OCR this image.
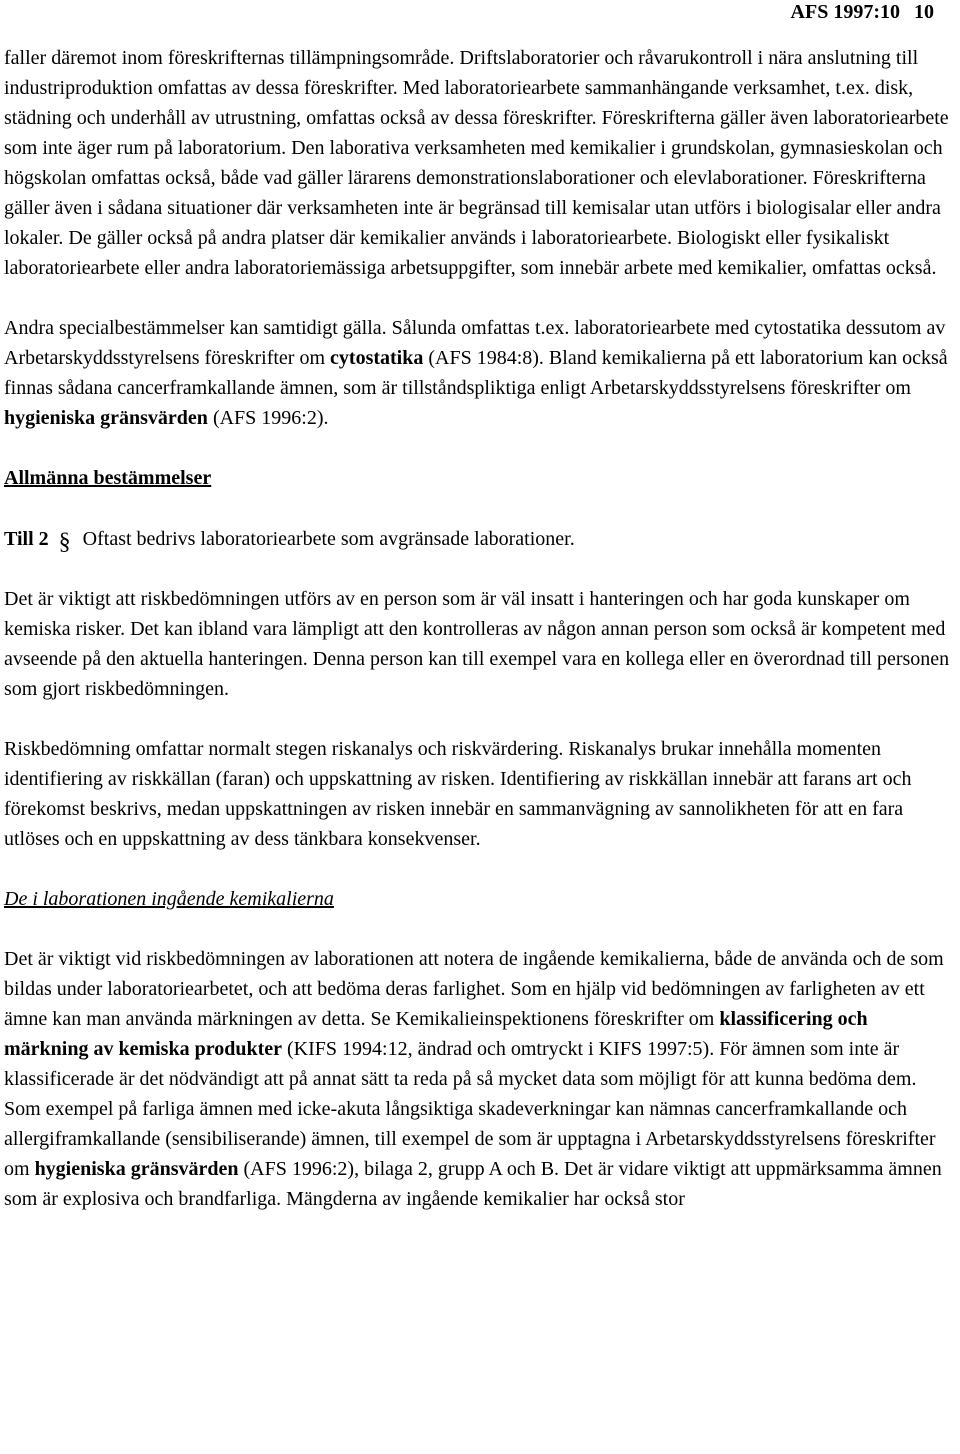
AFS 1997:10 10

faller däremot inom föreskrifternas tillämpningsområde. Driftslaboratorier och råvarukontroll i nära anslutning till industriproduktion omfattas av dessa föreskrifter. Med laboratoriearbete sammanhängande verksamhet, t.ex. disk, städning och underhåll av utrustning, omfattas också av dessa föreskrifter. Föreskrifterna gäller även laboratoriearbete som inte äger rum på laboratorium. Den laborativa verksamheten med kemikalier i grundskolan, gymnasieskolan och högskolan omfattas också, både vad gäller lärarens demonstrationslaborationer och elevlaborationer. Föreskrifterna gäller även i sådana situationer där verksamheten inte är begränsad till kemisalar utan utförs i biologisalar eller andra lokaler. De gäller också på andra platser där kemikalier används i laboratoriearbete. Biologiskt eller fysikaliskt laboratoriearbete eller andra laboratoriemässiga arbetsuppgifter, som innebär arbete med kemikalier, omfattas också.

Andra specialbestämmelser kan samtidigt gälla. Sålunda omfattas t.ex. laboratoriearbete med cytostatika dessutom av Arbetarskyddsstyrelsens föreskrifter om cytostatika (AFS 1984:8). Bland kemikalierna på ett laboratorium kan också finnas sådana cancerframkallande ämnen, som är tillståndspliktiga enligt Arbetarskyddsstyrelsens föreskrifter om hygieniska gränsvärden (AFS 1996:2).

Allmänna bestämmelser

Till 2 § Oftast bedrivs laboratoriearbete som avgränsade laborationer.

Det är viktigt att riskbedömningen utförs av en person som är väl insatt i hanteringen och har goda kunskaper om kemiska risker. Det kan ibland vara lämpligt att den kontrolleras av någon annan person som också är kompetent med avseende på den aktuella hanteringen. Denna person kan till exempel vara en kollega eller en överordnad till personen som gjort riskbedömningen.

Riskbedömning omfattar normalt stegen riskanalys och riskvärdering. Riskanalys brukar innehålla momenten identifiering av riskkällan (faran) och uppskattning av risken. Identifiering av riskkällan innebär att farans art och förekomst beskrivs, medan uppskattningen av risken innebär en sammanvägning av sannolikheten för att en fara utlöses och en uppskattning av dess tänkbara konsekvenser.

De i laborationen ingående kemikalierna

Det är viktigt vid riskbedömningen av laborationen att notera de ingående kemikalierna, både de använda och de som bildas under laboratoriearbetet, och att bedöma deras farlighet. Som en hjälp vid bedömningen av farligheten av ett ämne kan man använda märkningen av detta. Se Kemikalieinspektionens föreskrifter om klassificering och märkning av kemiska produkter (KIFS 1994:12, ändrad och omtryckt i KIFS 1997:5). För ämnen som inte är klassificerade är det nödvändigt att på annat sätt ta reda på så mycket data som möjligt för att kunna bedöma dem. Som exempel på farliga ämnen med icke-akuta långsiktiga skadeverkningar kan nämnas cancerframkallande och allergiframkallande (sensibiliserande) ämnen, till exempel de som är upptagna i Arbetarskyddsstyrelsens föreskrifter om hygieniska gränsvärden (AFS 1996:2), bilaga 2, grupp A och B. Det är vidare viktigt att uppmärksamma ämnen som är explosiva och brandfarliga. Mängderna av ingående kemikalier har också stor
